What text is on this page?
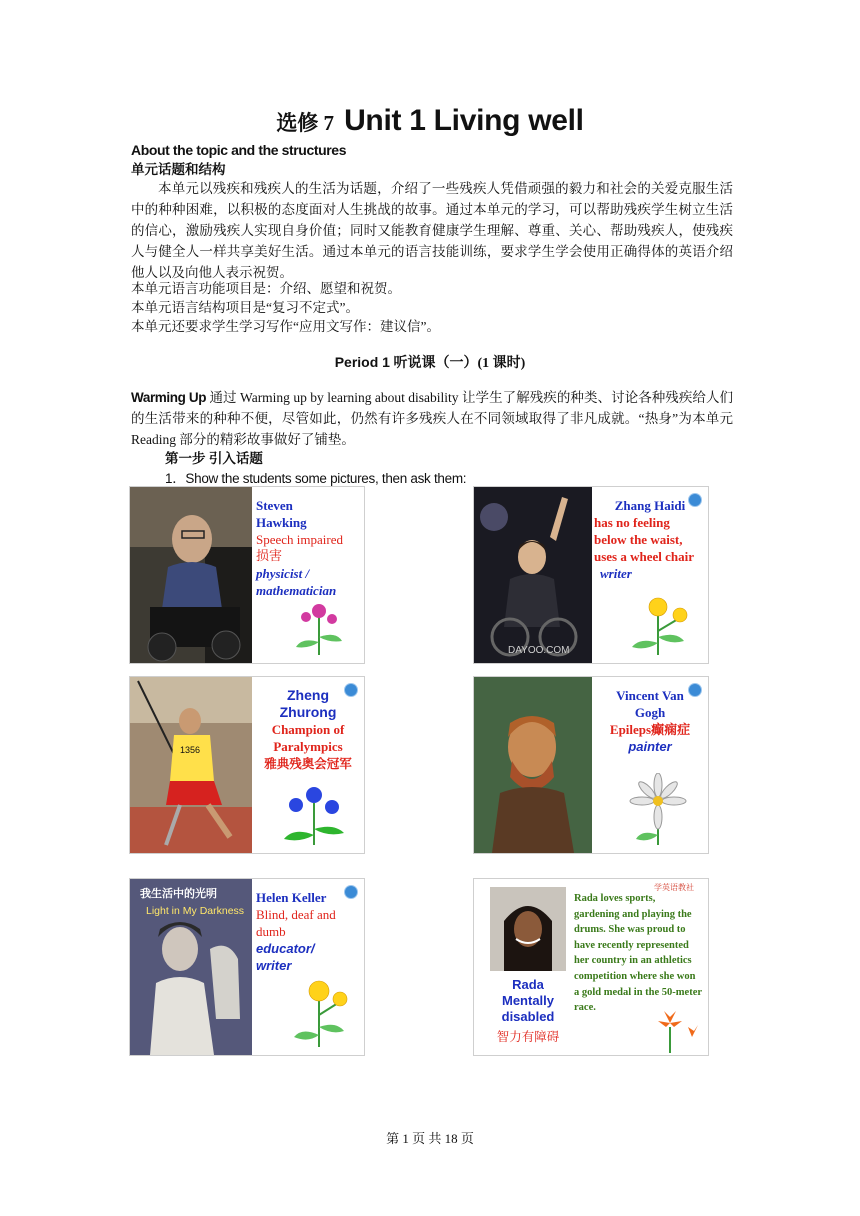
选修 7 Unit 1 Living well
About the topic and the structures
单元话题和结构
本单元以残疾和残疾人的生活为话题，介绍了一些残疾人凭借顽强的毅力和社会的关爱克服生活中的种种困难，以积极的态度面对人生挑战的故事。通过本单元的学习，可以帮助残疾学生树立生活的信心，激励残疾人实现自身价值；同时又能教育健康学生理解、尊重、关心、帮助残疾人，使残疾人与健全人一样共享美好生活。通过本单元的语言技能训练，要求学生学会使用正确得体的英语介绍他人以及向他人表示祝贺。
本单元语言功能项目是：介绍、愿望和祝贺。
本单元语言结构项目是“复习不定式”。
本单元还要求学生学习写作“应用文写作：建议信”。
Period 1 听说课（一）(1 课时)
Warming Up 通过 Warming up by learning about disability 让学生了解残疾的种类、讨论各种残疾给人们的生活带来的种种不便，尽管如此，仍然有许多残疾人在不同领域取得了非凡成就。“热身”为本单元 Reading 部分的精彩故事做好了铺垫。
第一步 引入话题
1．Show the students some pictures, then ask them:
Steven
Hawking
Speech impaired
损害
physicist /
mathematician
DAYOO.COM
Zhang Haidi
has no feeling
below the waist,
uses a wheel chair
writer
1356
Zheng
Zhurong
Champion of
Paralympics
雅典残奥会冠军
Vincent Van
Gogh
Epileps癫痫症
painter
我生活中的光明
Light in My Darkness
Helen Keller
Blind, deaf and
dumb
educator/
writer
学英语教社
Rada
Mentally
disabled
智力有障碍
Rada loves sports, gardening and playing the drums. She was proud to have recently represented her country in an athletics competition where she won a gold medal in the 50-meter race.
第 1 页 共 18 页
